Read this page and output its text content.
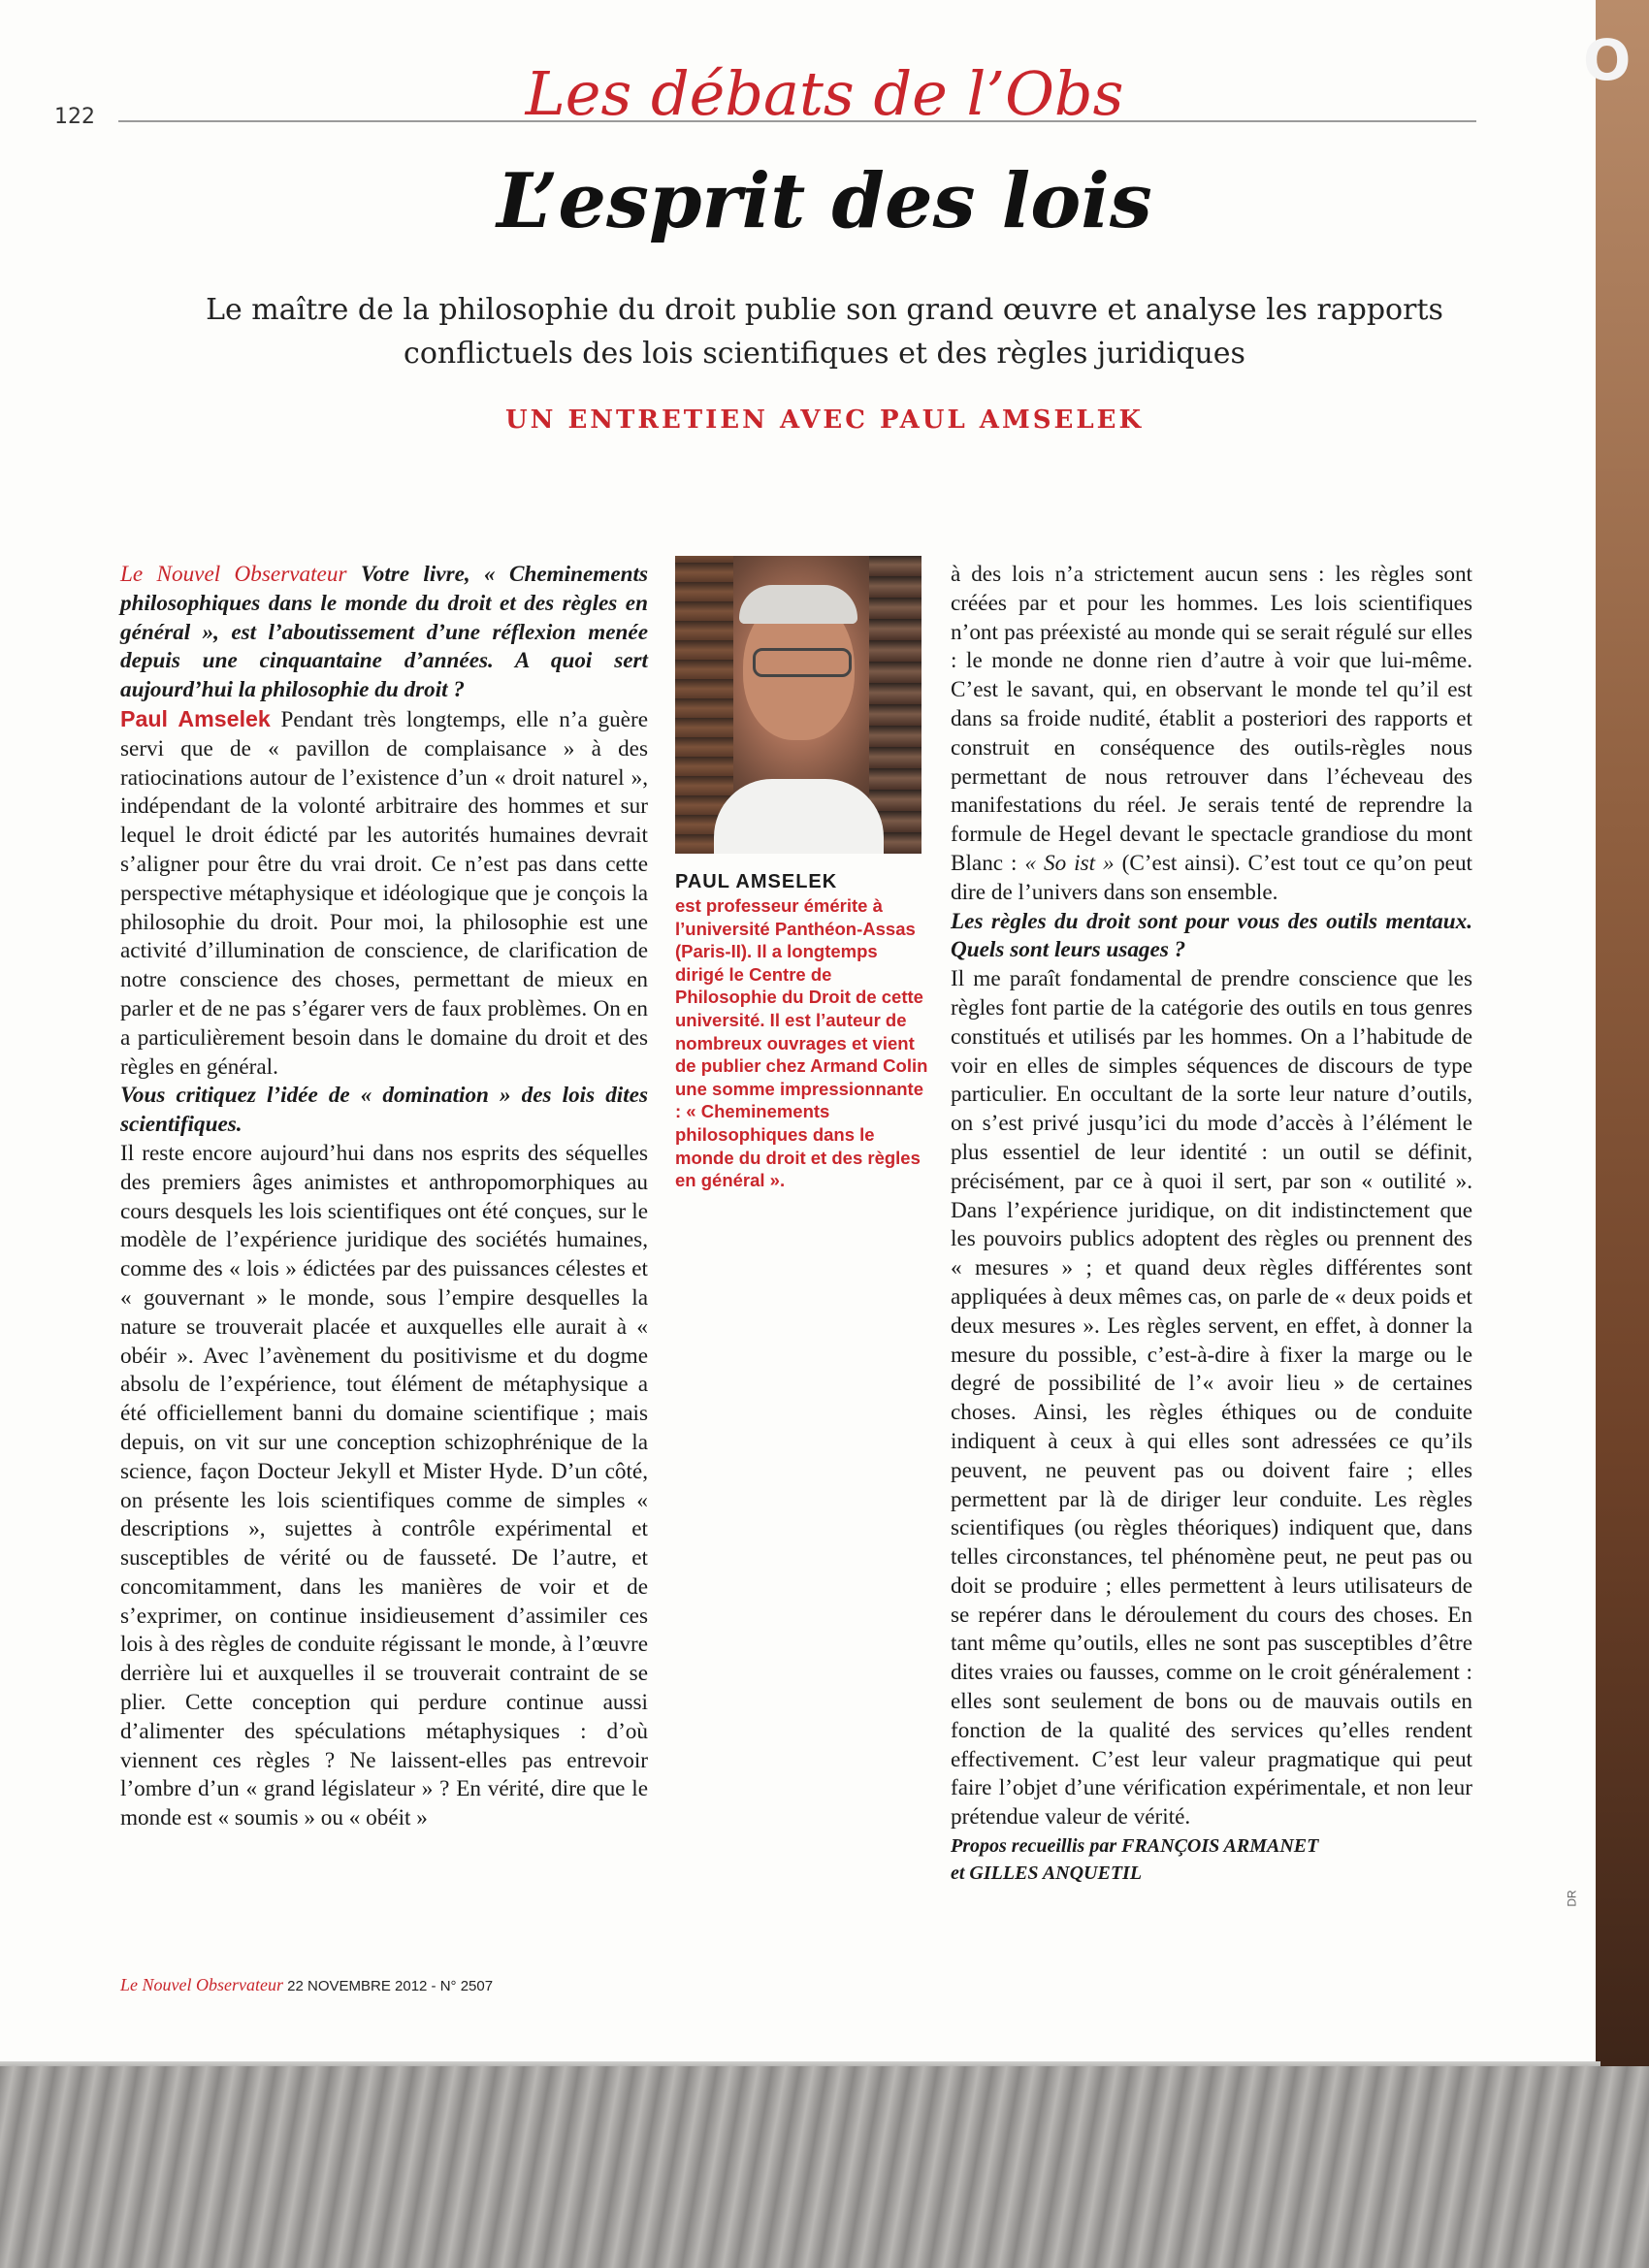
O
122	Les débats de l’Obs
L’esprit des lois
Le maître de la philosophie du droit publie son grand œuvre et analyse les rapports conflictuels des lois scientifiques et des règles juridiques
UN ENTRETIEN AVEC PAUL AMSELEK

Le Nouvel Observateur Votre livre, « Cheminements philosophiques dans le monde du droit et des règles en général », est l’aboutissement d’une réflexion menée depuis une cinquantaine d’années. A quoi sert aujourd’hui la philosophie du droit ?

Paul Amselek Pendant très longtemps, elle n’a guère servi que de « pavillon de complaisance » à des ratiocinations autour de l’existence d’un « droit naturel », indépendant de la volonté arbitraire des hommes et sur lequel le droit édicté par les autorités humaines devrait s’aligner pour être du vrai droit. Ce n’est pas dans cette perspective métaphysique et idéologique que je conçois la philosophie du droit. Pour moi, la philosophie est une activité d’illumination de conscience, de clarification de notre conscience des choses, permettant de mieux en parler et de ne pas s’égarer vers de faux problèmes. On en a particulièrement besoin dans le domaine du droit et des règles en général.

Vous critiquez l’idée de « domination » des lois dites scientifiques.

Il reste encore aujourd’hui dans nos esprits des séquelles des premiers âges animistes et anthropomorphiques au cours desquels les lois scientifiques ont été conçues, sur le modèle de l’expérience juridique des sociétés humaines, comme des « lois » édictées par des puissances célestes et « gouvernant » le monde, sous l’empire desquelles la nature se trouverait placée et auxquelles elle aurait à « obéir ». Avec l’avènement du positivisme et du dogme absolu de l’expérience, tout élément de métaphysique a été officiellement banni du domaine scientifique ; mais depuis, on vit sur une conception schizophrénique de la science, façon Docteur Jekyll et Mister Hyde. D’un côté, on présente les lois scientifiques comme de simples « descriptions », sujettes à contrôle expérimental et susceptibles de vérité ou de fausseté. De l’autre, et concomitamment, dans les manières de voir et de s’exprimer, on continue insidieusement d’assimiler ces lois à des règles de conduite régissant le monde, à l’œuvre derrière lui et auxquelles il se trouverait contraint de se plier. Cette conception qui perdure continue aussi d’alimenter des spéculations métaphysiques : d’où viennent ces règles ? Ne laissent-elles pas entrevoir l’ombre d’un « grand législateur » ? En vérité, dire que le monde est « soumis » ou « obéit »

PAUL AMSELEK
est professeur émérite à l’université Panthéon-Assas (Paris-II). Il a longtemps dirigé le Centre de Philosophie du Droit de cette université. Il est l’auteur de nombreux ouvrages et vient de publier chez Armand Colin une somme impressionnante : « Cheminements philosophiques dans le monde du droit et des règles en général ».

à des lois n’a strictement aucun sens : les règles sont créées par et pour les hommes. Les lois scientifiques n’ont pas préexisté au monde qui se serait régulé sur elles : le monde ne donne rien d’autre à voir que lui-même. C’est le savant, qui, en observant le monde tel qu’il est dans sa froide nudité, établit a posteriori des rapports et construit en conséquence des outils-règles nous permettant de nous retrouver dans l’écheveau des manifestations du réel. Je serais tenté de reprendre la formule de Hegel devant le spectacle grandiose du mont Blanc : « So ist » (C’est ainsi). C’est tout ce qu’on peut dire de l’univers dans son ensemble.

Les règles du droit sont pour vous des outils mentaux. Quels sont leurs usages ?

Il me paraît fondamental de prendre conscience que les règles font partie de la catégorie des outils en tous genres constitués et utilisés par les hommes. On a l’habitude de voir en elles de simples séquences de discours de type particulier. En occultant de la sorte leur nature d’outils, on s’est privé jusqu’ici du mode d’accès à l’élément le plus essentiel de leur identité : un outil se définit, précisément, par ce à quoi il sert, par son « outilité ». Dans l’expérience juridique, on dit indistinctement que les pouvoirs publics adoptent des règles ou prennent des « mesures » ; et quand deux règles différentes sont appliquées à deux mêmes cas, on parle de « deux poids et deux mesures ». Les règles servent, en effet, à donner la mesure du possible, c’est-à-dire à fixer la marge ou le degré de possibilité de l’« avoir lieu » de certaines choses. Ainsi, les règles éthiques ou de conduite indiquent à ceux à qui elles sont adressées ce qu’ils peuvent, ne peuvent pas ou doivent faire ; elles permettent par là de diriger leur conduite. Les règles scientifiques (ou règles théoriques) indiquent que, dans telles circonstances, tel phénomène peut, ne peut pas ou doit se produire ; elles permettent à leurs utilisateurs de se repérer dans le déroulement du cours des choses. En tant même qu’outils, elles ne sont pas susceptibles d’être dites vraies ou fausses, comme on le croit généralement : elles sont seulement de bons ou de mauvais outils en fonction de la qualité des services qu’elles rendent effectivement. C’est leur valeur pragmatique qui peut faire l’objet d’une vérification expérimentale, et non leur prétendue valeur de vérité.

Propos recueillis par FRANÇOIS ARMANET
et GILLES ANQUETIL

Le Nouvel Observateur 22 NOVEMBRE 2012 - N° 2507
DR
